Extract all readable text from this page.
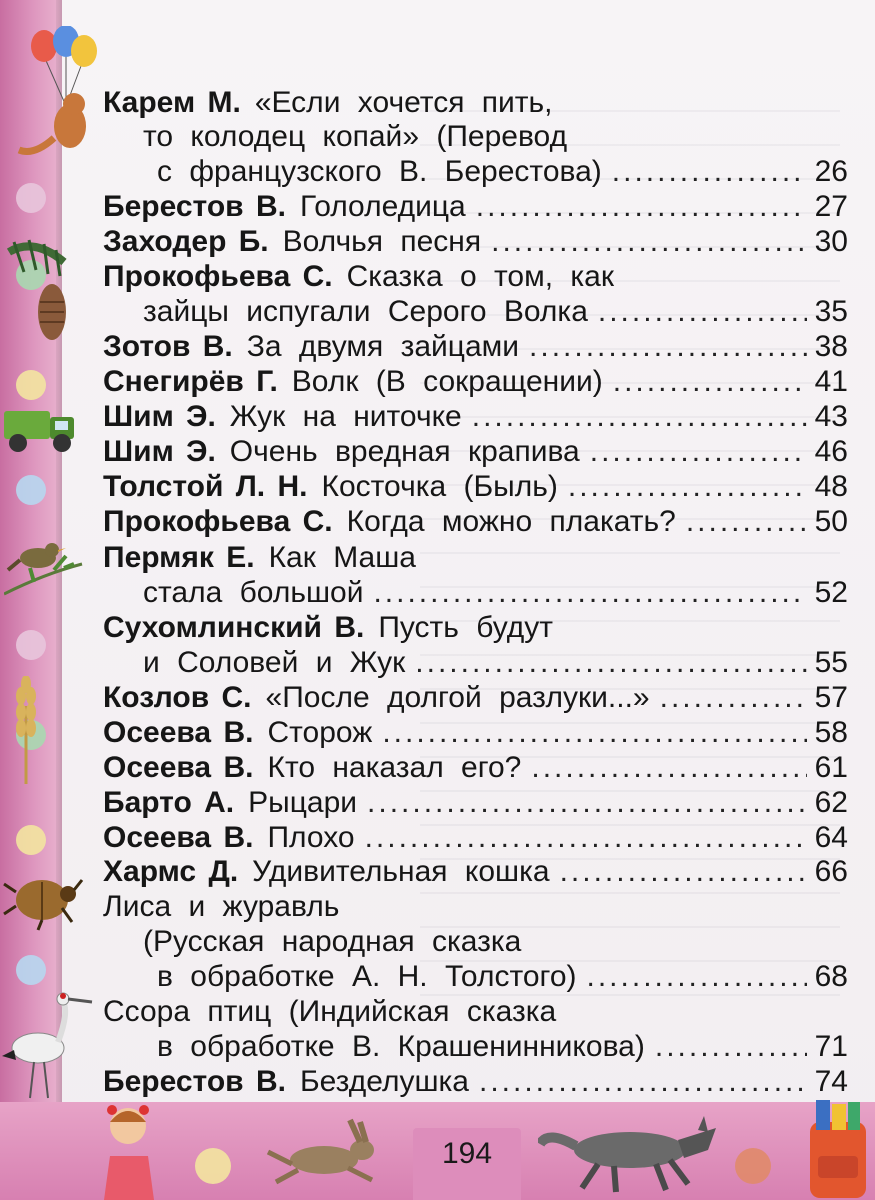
194
Карем М. «Если хочется пить,
то колодец копай» (Перевод
с французского В. Берестова) .....	26
Берестов В. Гололедица .....	27
Заходер Б. Волчья песня .....	30
Прокофьева С. Сказка о том, как
зайцы испугали Серого Волка .....	35
Зотов В. За двумя зайцами .....	38
Снегирёв Г. Волк (В сокращении) .....	41
Шим Э. Жук на ниточке .....	43
Шим Э. Очень вредная крапива .....	46
Толстой Л. Н. Косточка (Быль) .....	48
Прокофьева С. Когда можно плакать? .....	50
Пермяк Е. Как Маша
стала большой .....	52
Сухомлинский В. Пусть будут
и Соловей и Жук .....	55
Козлов С. «После долгой разлуки...» .....	57
Осеева В. Сторож .....	58
Осеева В. Кто наказал его? .....	61
Барто А. Рыцари .....	62
Осеева В. Плохо .....	64
Хармс Д. Удивительная кошка .....	66
Лиса и журавль
(Русская народная сказка
в обработке А. Н. Толстого) .....	68
Ссора птиц (Индийская сказка
в обработке В. Крашенинникова) .....	71
Берестов В. Безделушка .....	74
